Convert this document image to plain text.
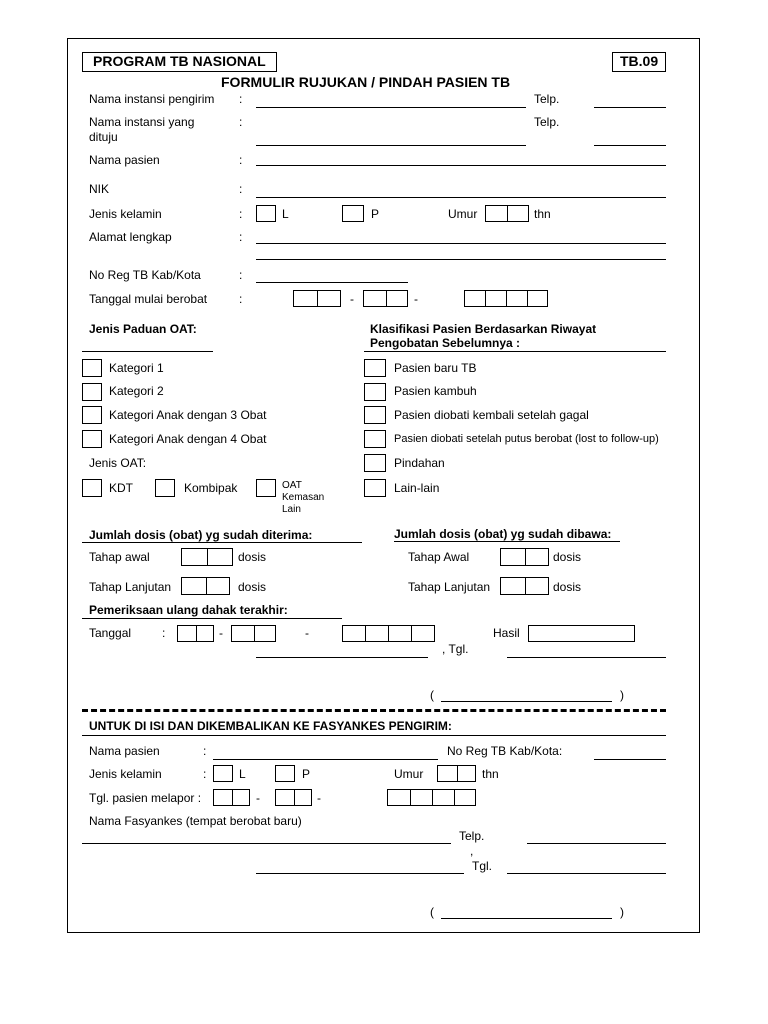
PROGRAM TB NASIONAL	TB.09
FORMULIR RUJUKAN / PINDAH PASIEN TB
Nama instansi pengirim :	Telp.
Nama instansi yang
dituju
:	Telp.
Nama pasien	:
NIK	:
Jenis kelamin	:	L	P	Umur	thn
Alamat lengkap	:
No Reg TB Kab/Kota	:
Tanggal mulai berobat	:	-	-
Jenis Paduan OAT:
Kategori 1
Kategori 2
Kategori Anak dengan 3 Obat
Kategori Anak dengan 4 Obat
Jenis OAT:
KDT	Kombipak	OAT
Kemasan
Lain
Klasifikasi Pasien Berdasarkan Riwayat
Pengobatan Sebelumnya :
Pasien baru TB
Pasien kambuh
Pasien diobati kembali setelah gagal
Pasien diobati setelah putus berobat (lost to follow-up)
Pindahan
Lain-lain
Jumlah dosis (obat) yg sudah diterima:	Jumlah dosis (obat) yg sudah dibawa:
Tahap awal	dosis	Tahap Awal	dosis
Tahap Lanjutan	dosis	Tahap Lanjutan	dosis
Pemeriksaan ulang dahak terakhir:
Tanggal	:	-	-	Hasil
, Tgl.
(	)
UNTUK DI ISI DAN DIKEMBALIKAN KE FASYANKES PENGIRIM:
Nama pasien	:	No Reg TB Kab/Kota:
Jenis kelamin	:	L	P	Umur	thn
Tgl. pasien melapor :	-	-
Nama Fasyankes (tempat berobat baru)
Telp.
,
Tgl.
(	)
